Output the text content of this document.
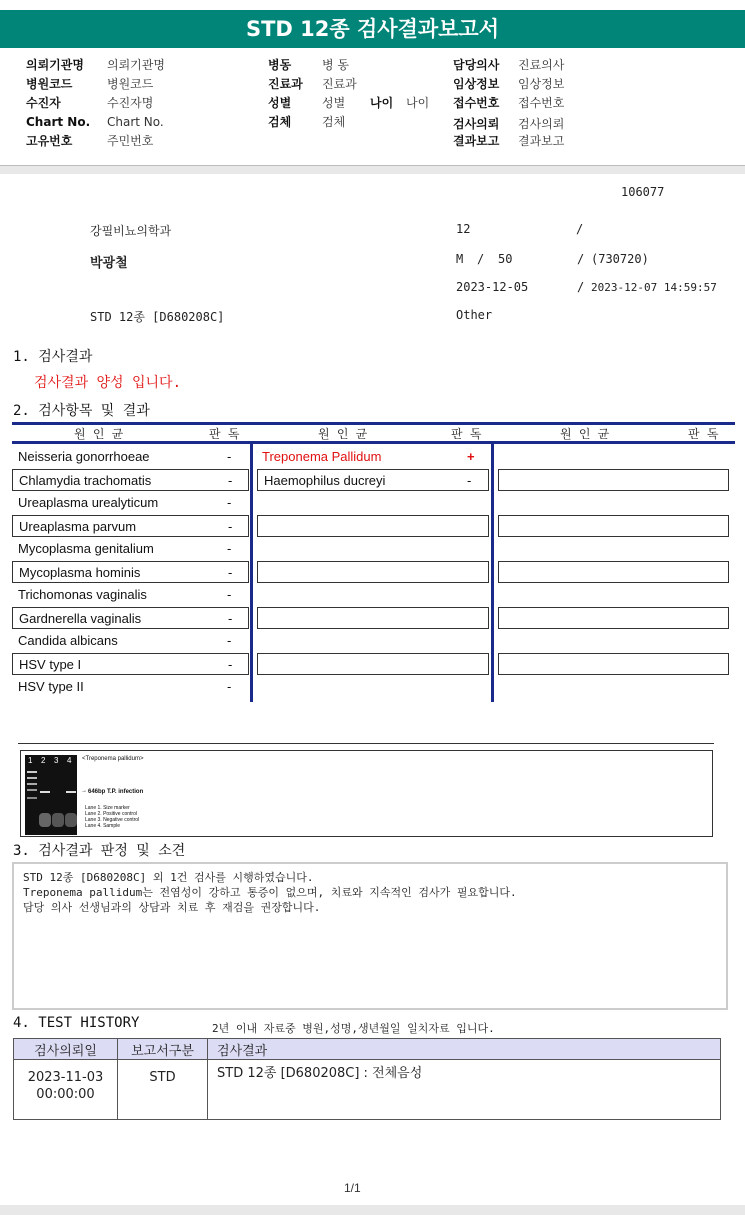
STD 12종 검사결과보고서
의뢰기관명 의뢰기관명
병원코드	병원코드
수진자	수진자명
Chart No. Chart No.
고유번호	주민번호
병동	병 동
진료과 진료과
성별	성별 나이 나이
검체	검체
담당의사 진료의사
임상정보 임상정보
접수번호 접수번호
검사의뢰 검사의뢰
결과보고 결과보고
106077
강필비뇨의학과	12	/
박광철	M / 50	/ (730720)
2023-12-05	/ 2023-12-07 14:59:57
STD 12종 [D680208C]	Other
1. 검사결과
검사결과 양성 입니다.
2. 검사항목 및 결과
원 인 균	판 독	원 인 균	판 독	원 인 균	판 독
Neisseria gonorrhoeae	-
Chlamydia trachomatis	-
Ureaplasma urealyticum	-
Ureaplasma parvum	-
Mycoplasma genitalium	-
Mycoplasma hominis	-
Trichomonas vaginalis	-
Gardnerella vaginalis	-
Candida albicans	-
HSV type I	-
HSV type II	-
Treponema Pallidum	+
Haemophilus ducreyi	-
1 2 3 4 <Treponema pallidum>
→ 646bp T.P. infection
Lane 1. Size marker
Lane 2. Positive control
Lane 3. Negative control
Lane 4. Sample
3. 검사결과 판정 및 소견
STD 12종 [D680208C] 외 1건 검사를 시행하였습니다.
Treponema pallidum는 전염성이 강하고 통증이 없으며, 치료와 지속적인 검사가 필요합니다.
담당 의사 선생님과의 상담과 치료 후 재검을 권장합니다.
4. TEST HISTORY	2년 이내 자료중 병원,성명,생년월일 일치자료 입니다.
검사의뢰일	보고서구분	검사결과

2023-11-03
00:00:00	STD	STD 12종 [D680208C] : 전체음성
1/1
